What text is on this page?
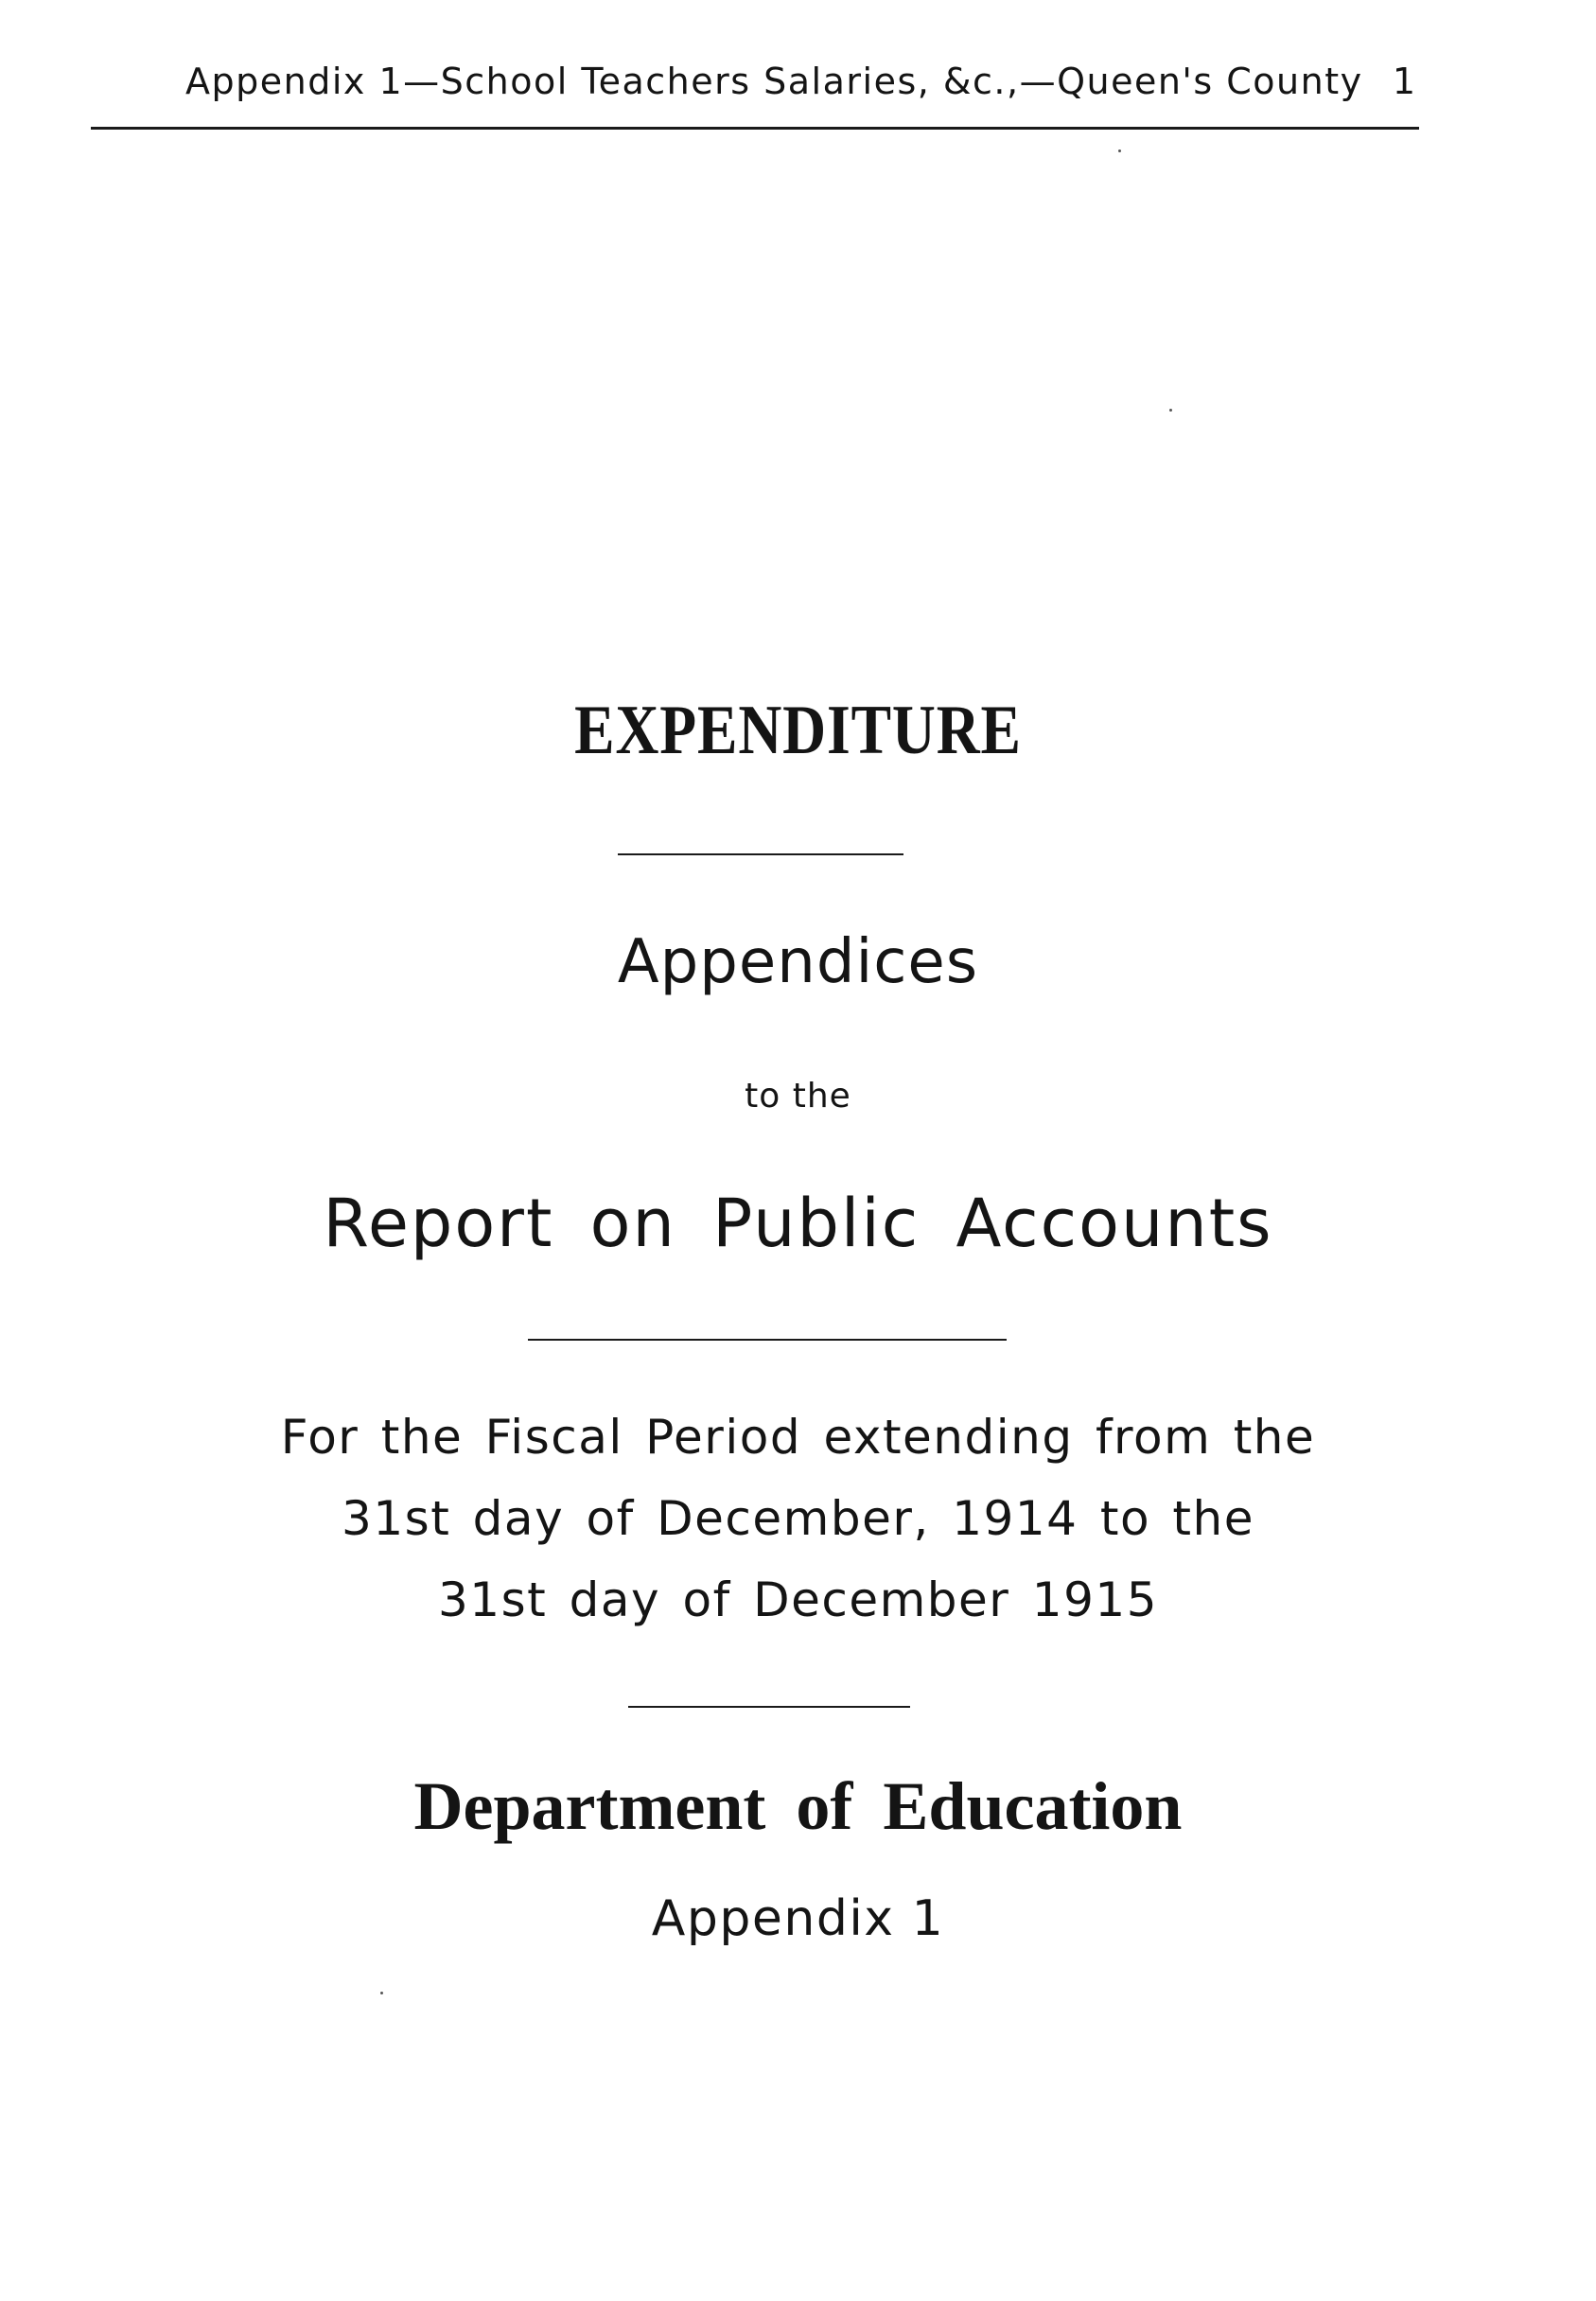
Appendix 1—School Teachers Salaries, &c.,—Queen's County 1
EXPENDITURE
Appendices
to the
Report on Public Accounts
For the Fiscal Period extending from the
31st day of December, 1914 to the
31st day of December 1915
Department of Education
Appendix 1
